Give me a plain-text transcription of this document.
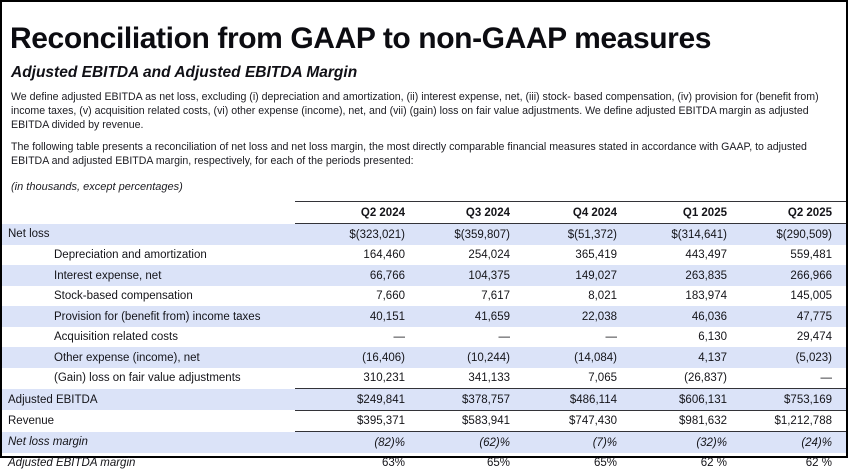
Reconciliation from GAAP to non-GAAP measures
Adjusted EBITDA and Adjusted EBITDA Margin

We define adjusted EBITDA as net loss, excluding (i) depreciation and amortization, (ii) interest expense, net, (iii) stock- based compensation, (iv) provision for (benefit from) income taxes, (v) acquisition related costs, (vi) other expense (income), net, and (vii) (gain) loss on fair value adjustments. We define adjusted EBITDA margin as adjusted EBITDA divided by revenue.

The following table presents a reconciliation of net loss and net loss margin, the most directly comparable financial measures stated in accordance with GAAP, to adjusted EBITDA and adjusted EBITDA margin, respectively, for each of the periods presented:

(in thousands, except percentages)

	Q2 2024	Q3 2024	Q4 2024	Q1 2025	Q2 2025
Net loss	$(323,021)	$(359,807)	$(51,372)	$(314,641)	$(290,509)
Depreciation and amortization	164,460	254,024	365,419	443,497	559,481
Interest expense, net	66,766	104,375	149,027	263,835	266,966
Stock-based compensation	7,660	7,617	8,021	183,974	145,005
Provision for (benefit from) income taxes	40,151	41,659	22,038	46,036	47,775
Acquisition related costs	—	—	—	6,130	29,474
Other expense (income), net	(16,406)	(10,244)	(14,084)	4,137	(5,023)
(Gain) loss on fair value adjustments	310,231	341,133	7,065	(26,837)	—
Adjusted EBITDA	$249,841	$378,757	$486,114	$606,131	$753,169
Revenue	$395,371	$583,941	$747,430	$981,632	$1,212,788
Net loss margin	(82)%	(62)%	(7)%	(32)%	(24)%
Adjusted EBITDA margin	63%	65%	65%	62 %	62 %
